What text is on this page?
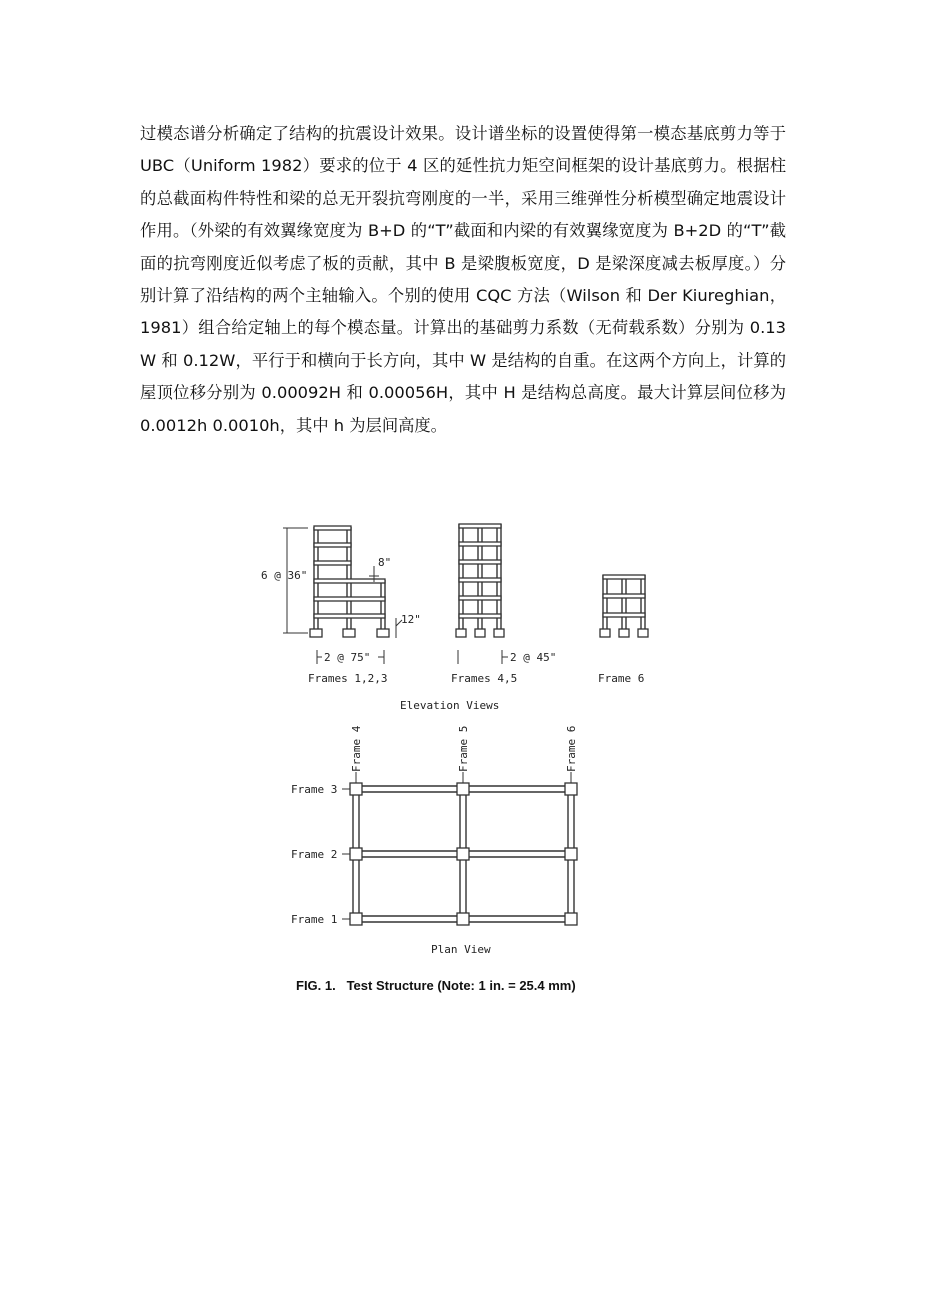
过模态谱分析确定了结构的抗震设计效果。设计谱坐标的设置使得第一模态基底剪力等于 UBC（Uniform 1982）要求的位于 4 区的延性抗力矩空间框架的设计基底剪力。根据柱的总截面构件特性和梁的总无开裂抗弯刚度的一半，采用三维弹性分析模型确定地震设计作用。（外梁的有效翼缘宽度为 B+D 的“T”截面和内梁的有效翼缘宽度为 B+2D 的“T”截面的抗弯刚度近似考虑了板的贡献，其中 B 是梁腹板宽度，D 是梁深度减去板厚度。）分别计算了沿结构的两个主轴输入。个别的使用 CQC 方法（Wilson 和 Der Kiureghian，1981）组合给定轴上的每个模态量。计算出的基础剪力系数（无荷载系数）分别为 0.13W 和 0.12W，平行于和横向于长方向，其中 W 是结构的自重。在这两个方向上，计算的屋顶位移分别为 0.00092H 和 0.00056H，其中 H 是结构总高度。最大计算层间位移为 0.0012h 0.0010h，其中 h 为层间高度。

6 @ 36"
8"
12"
2 @ 75"
Frames 1,2,3
2 @ 45"
Frames 4,5	Frame 6
Elevation Views
Frame 4	Frame 5	Frame 6
Frame 3
Frame 2
Frame 1
Plan View
FIG. 1.   Test Structure (Note: 1 in. = 25.4 mm)
